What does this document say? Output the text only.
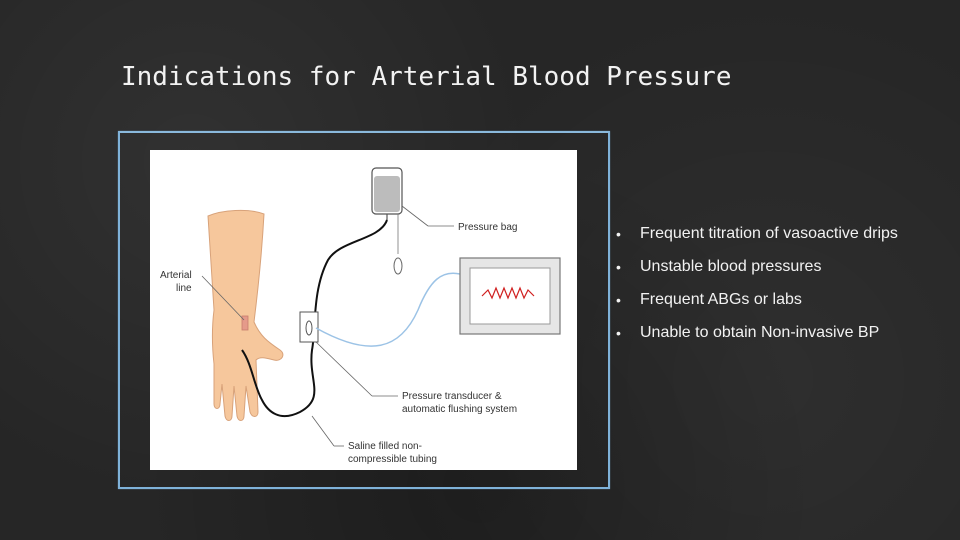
Indications for Arterial Blood Pressure
Pressure bag
Arterial
line
Pressure transducer &
automatic flushing system
Saline filled non-
compressible tubing
•	Frequent titration of vasoactive drips
•	Unstable blood pressures
•	Frequent ABGs or labs
•	Unable to obtain Non-invasive BP
